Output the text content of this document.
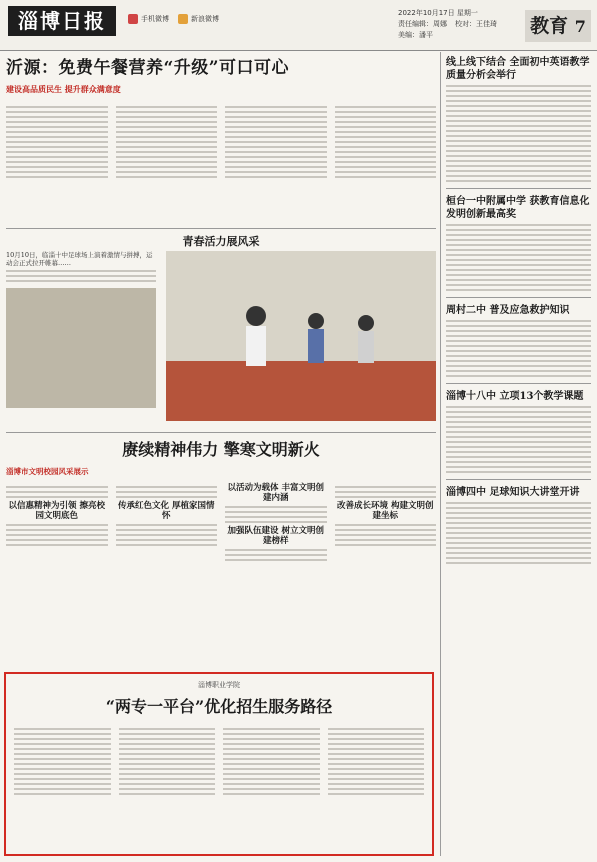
淄博日报	手机微博	新浪微博
2022年10月17日 星期一
责任编辑：周娜
美编：潘平
校对：王佳琦 教育 7
沂源：免费午餐营养“升级”可口可心
建设高品质民生 提升群众满意度
青春活力展风采
10月10日，临淄十中足球场上演着激情与拼搏，运动会正式拉开帷幕……
赓续精神伟力 擎寒文明新火
淄博市文明校园风采展示
以信惠精神为引领 擦亮校园文明底色
传承红色文化 厚植家国情怀
以活动为载体 丰富文明创建内涵
加强队伍建设 树立文明创建榜样
改善成长环境 构建文明创建坐标
淄博职业学院
“两专一平台”优化招生服务路径
线上线下结合 全面初中英语教学质量分析会举行
桓台一中附属中学 获教育信息化发明创新最高奖
周村二中 普及应急救护知识
淄博十八中 立项13个教学课题
淄博四中 足球知识大讲堂开讲
